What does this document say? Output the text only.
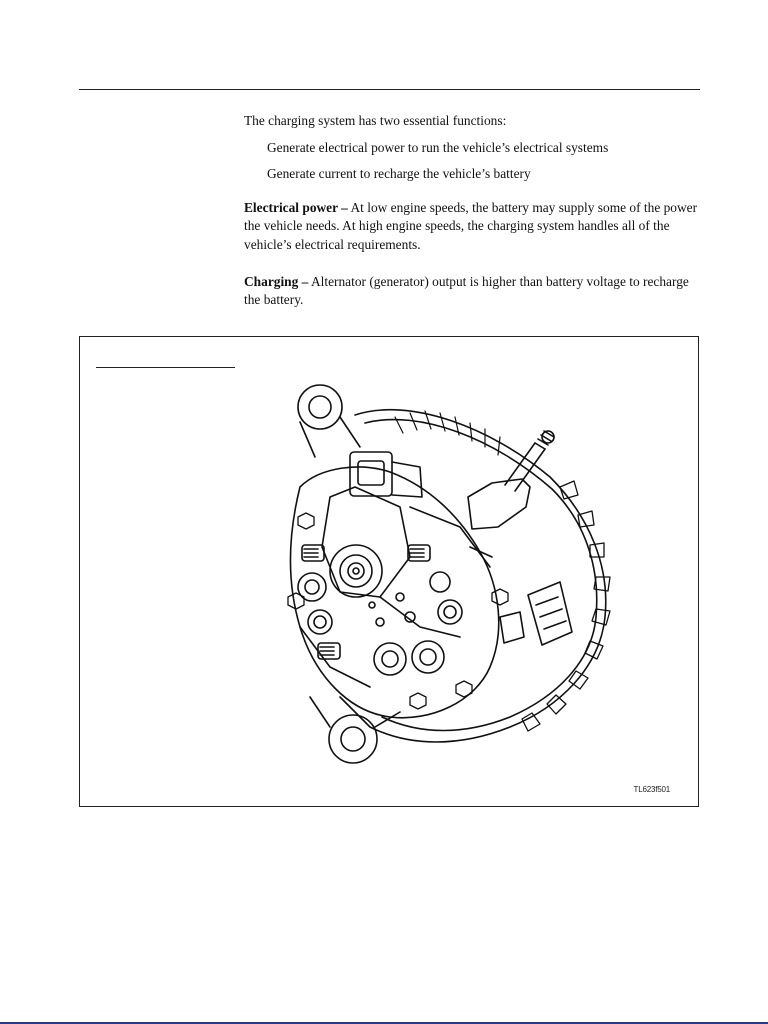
The charging system has two essential functions:

Generate electrical power to run the vehicle’s electrical systems

Generate current to recharge the vehicle’s battery

Electrical power – At low engine speeds, the battery may supply some of the power the vehicle needs. At high engine speeds, the charging system handles all of the vehicle’s electrical requirements.

Charging – Alternator (generator) output is higher than battery voltage to recharge the battery.

TL623f501
